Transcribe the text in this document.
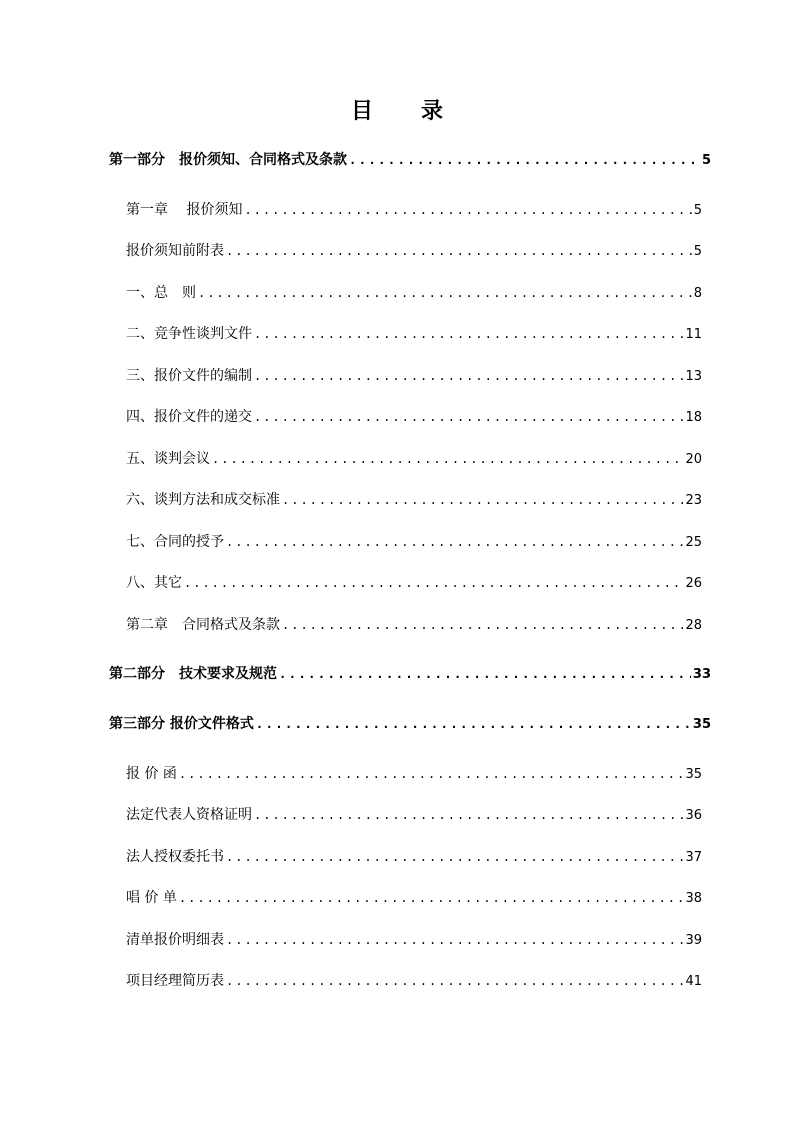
目 录
第一部分　报价须知、合同格式及条款 .....	5
第一章　 报价须知 .....	5
报价须知前附表 .....	5
一、总　则 .....	8
二、竞争性谈判文件 .....	11
三、报价文件的编制 .....	13
四、报价文件的递交 .....	18
五、谈判会议 .....	20
六、谈判方法和成交标准 .....	23
七、合同的授予 .....	25
八、其它 .....	26
第二章　合同格式及条款 .....	28
第二部分　技术要求及规范 .....	33
第三部分 报价文件格式 .....	35
报 价 函 .....	35
法定代表人资格证明 .....	36
法人授权委托书 .....	37
唱 价 单 .....	38
清单报价明细表 .....	39
项目经理简历表 .....	41
